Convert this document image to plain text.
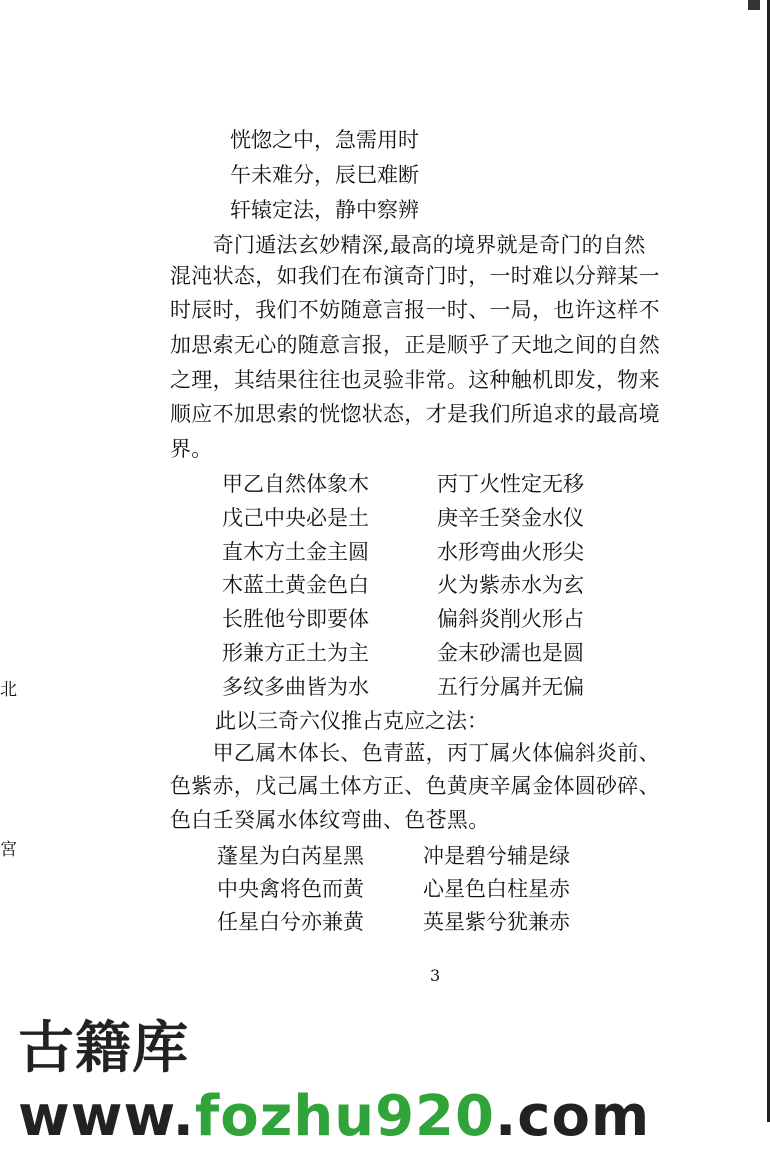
恍惚之中，急需用时
午未难分，辰巳难断
轩辕定法，静中察辨
　　奇门遁法玄妙精深,最高的境界就是奇门的自然
混沌状态，如我们在布演奇门时，一时难以分辩某一
时辰时，我们不妨随意言报一时、一局，也许这样不
加思索无心的随意言报，正是顺乎了天地之间的自然
之理，其结果往往也灵验非常。这种触机即发，物来
顺应不加思索的恍惚状态，才是我们所追求的最高境
界。
甲乙自然体象木	丙丁火性定无移
戊己中央必是土	庚辛壬癸金水仪
直木方土金主圆	水形弯曲火形尖
木蓝土黄金色白	火为紫赤水为玄
长胜他兮即要体	偏斜炎削火形占
形兼方正土为主	金末砂濡也是圆
多纹多曲皆为水	五行分属并无偏
此以三奇六仪推占克应之法：
　　甲乙属木体长、色青蓝，丙丁属火体偏斜炎前、
色紫赤，戊己属土体方正、色黄庚辛属金体圆砂碎、
色白壬癸属水体纹弯曲、色苍黑。
蓬星为白芮星黑	冲是碧兮辅是绿
中央禽将色而黄	心星色白柱星赤
任星白兮亦兼黄	英星紫兮犹兼赤
北
宮
3
古籍库 www.fozhu920.com
